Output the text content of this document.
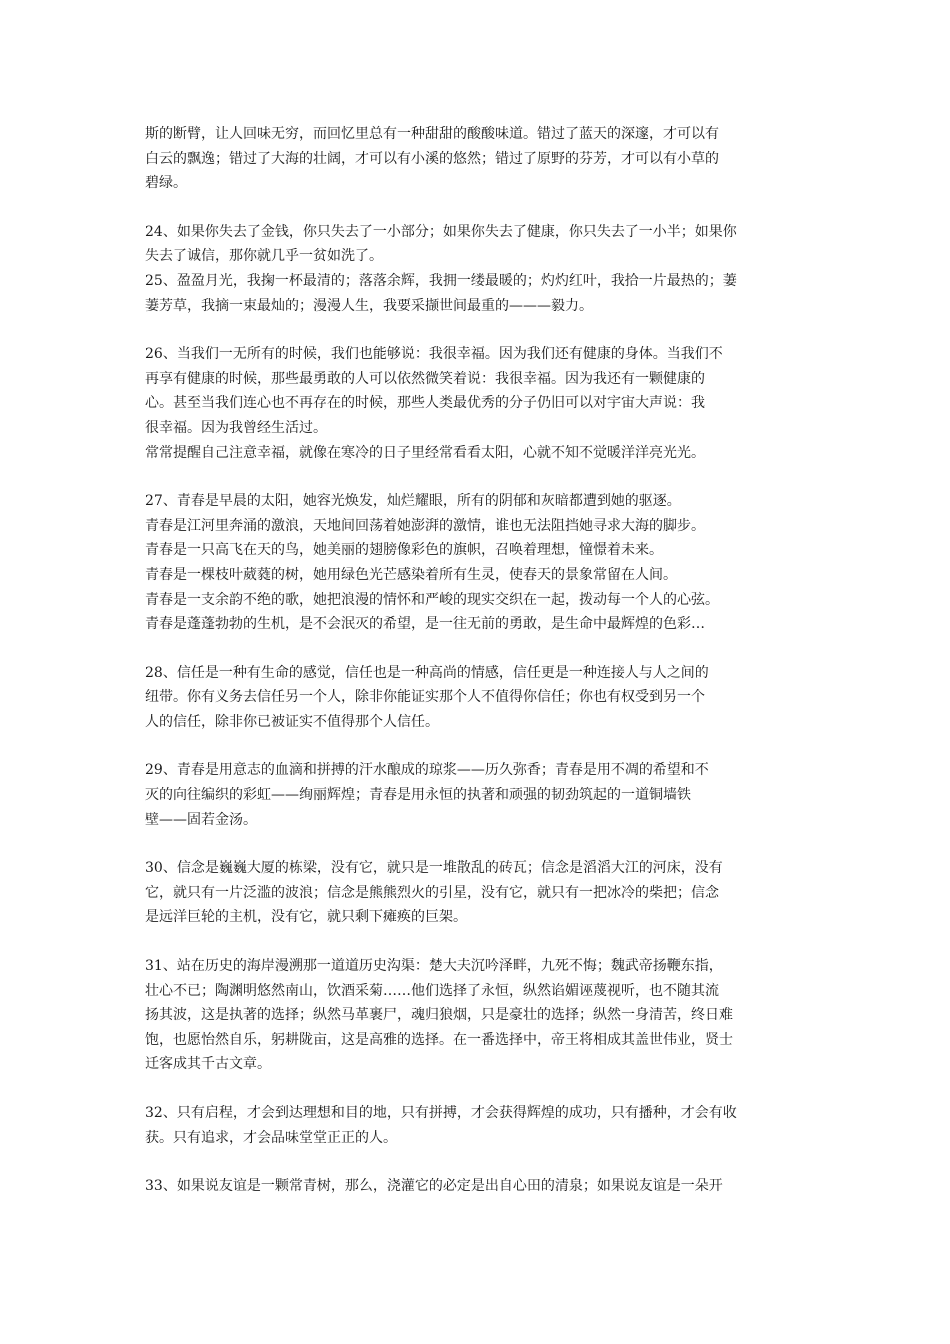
斯的断臂，让人回味无穷，而回忆里总有一种甜甜的酸酸味道。错过了蓝天的深邃，才可以有
白云的飘逸；错过了大海的壮阔，才可以有小溪的悠然；错过了原野的芬芳，才可以有小草的
碧绿。

24、如果你失去了金钱，你只失去了一小部分；如果你失去了健康，你只失去了一小半；如果你
失去了诚信，那你就几乎一贫如洗了。
25、盈盈月光，我掬一杯最清的；落落余辉，我拥一缕最暖的；灼灼红叶，我拾一片最热的；萋
萋芳草，我摘一束最灿的；漫漫人生，我要采撷世间最重的———毅力。

26、当我们一无所有的时候，我们也能够说：我很幸福。因为我们还有健康的身体。当我们不
再享有健康的时候，那些最勇敢的人可以依然微笑着说：我很幸福。因为我还有一颗健康的
心。甚至当我们连心也不再存在的时候，那些人类最优秀的分子仍旧可以对宇宙大声说：我
很幸福。因为我曾经生活过。
常常提醒自己注意幸福，就像在寒冷的日子里经常看看太阳，心就不知不觉暖洋洋亮光光。

27、青春是早晨的太阳，她容光焕发，灿烂耀眼，所有的阴郁和灰暗都遭到她的驱逐。
青春是江河里奔涌的激浪，天地间回荡着她澎湃的激情，谁也无法阻挡她寻求大海的脚步。
青春是一只高飞在天的鸟，她美丽的翅膀像彩色的旗帜，召唤着理想，憧憬着未来。
青春是一棵枝叶葳蕤的树，她用绿色光芒感染着所有生灵，使春天的景象常留在人间。
青春是一支余韵不绝的歌，她把浪漫的情怀和严峻的现实交织在一起，拨动每一个人的心弦。
青春是蓬蓬勃勃的生机，是不会泯灭的希望，是一往无前的勇敢，是生命中最辉煌的色彩…

28、信任是一种有生命的感觉，信任也是一种高尚的情感，信任更是一种连接人与人之间的
纽带。你有义务去信任另一个人，除非你能证实那个人不值得你信任；你也有权受到另一个
人的信任，除非你已被证实不值得那个人信任。

29、青春是用意志的血滴和拼搏的汗水酿成的琼浆——历久弥香；青春是用不凋的希望和不
灭的向往编织的彩虹——绚丽辉煌；青春是用永恒的执著和顽强的韧劲筑起的一道铜墙铁
壁——固若金汤。

30、信念是巍巍大厦的栋梁，没有它，就只是一堆散乱的砖瓦；信念是滔滔大江的河床，没有
它，就只有一片泛滥的波浪；信念是熊熊烈火的引星，没有它，就只有一把冰冷的柴把；信念
是远洋巨轮的主机，没有它，就只剩下瘫痪的巨架。

31、站在历史的海岸漫溯那一道道历史沟渠：楚大夫沉吟泽畔，九死不悔；魏武帝扬鞭东指，
壮心不已；陶渊明悠然南山，饮酒采菊……他们选择了永恒，纵然谄媚诬蔑视听，也不随其流
扬其波，这是执著的选择；纵然马革裹尸，魂归狼烟，只是豪壮的选择；纵然一身清苦，终日难
饱，也愿怡然自乐，躬耕陇亩，这是高雅的选择。在一番选择中，帝王将相成其盖世伟业，贤士
迁客成其千古文章。

32、只有启程，才会到达理想和目的地，只有拼搏，才会获得辉煌的成功，只有播种，才会有收
获。只有追求，才会品味堂堂正正的人。

33、如果说友谊是一颗常青树，那么，浇灌它的必定是出自心田的清泉；如果说友谊是一朵开
